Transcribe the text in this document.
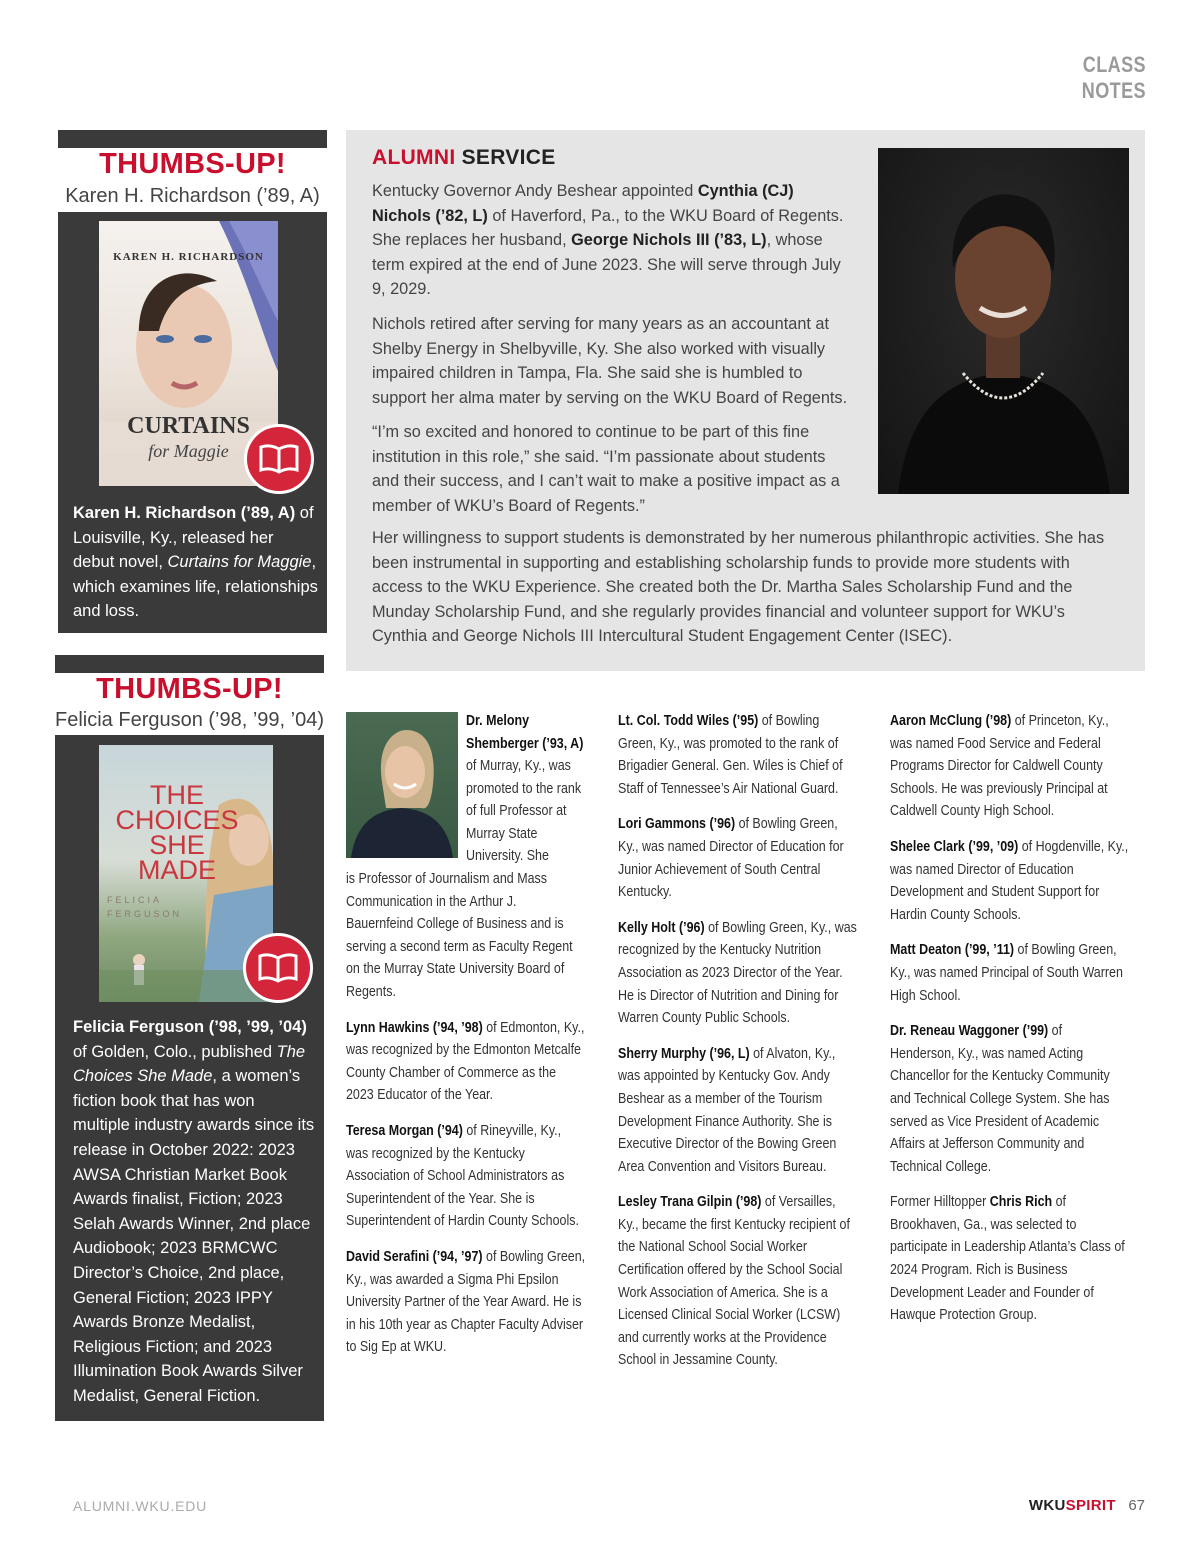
CLASS NOTES
THUMBS-UP!
Karen H. Richardson (’89, A)
KAREN H. RICHARDSON
CURTAINS
for Maggie

Karen H. Richardson (’89, A) of Louisville, Ky., released her debut novel, Curtains for Maggie, which examines life, relationships and loss.

THUMBS-UP!
Felicia Ferguson (’98, ’99, ’04)
THE
CHOICES
SHE
MADE
FELICIA FERGUSON

Felicia Ferguson (’98, ’99, ’04) of Golden, Colo., published The Choices She Made, a women’s fiction book that has won multiple industry awards since its release in October 2022: 2023 AWSA Christian Market Book Awards finalist, Fiction; 2023 Selah Awards Winner, 2nd place Audiobook; 2023 BRMCWC Director’s Choice, 2nd place, General Fiction; 2023 IPPY Awards Bronze Medalist, Religious Fiction; and 2023 Illumination Book Awards Silver Medalist, General Fiction.

ALUMNI SERVICE

Kentucky Governor Andy Beshear appointed Cynthia (CJ) Nichols (’82, L) of Haverford, Pa., to the WKU Board of Regents. She replaces her husband, George Nichols III (’83, L), whose term expired at the end of June 2023. She will serve through July 9, 2029.

Nichols retired after serving for many years as an accountant at Shelby Energy in Shelbyville, Ky. She also worked with visually impaired children in Tampa, Fla. She said she is humbled to support her alma mater by serving on the WKU Board of Regents.

“I’m so excited and honored to continue to be part of this fine institution in this role,” she said. “I’m passionate about students and their success, and I can’t wait to make a positive impact as a member of WKU’s Board of Regents.”

Her willingness to support students is demonstrated by her numerous philanthropic activities. She has been instrumental in supporting and establishing scholarship funds to provide more students with access to the WKU Experience. She created both the Dr. Martha Sales Scholarship Fund and the Munday Scholarship Fund, and she regularly provides financial and volunteer support for WKU’s Cynthia and George Nichols III Intercultural Student Engagement Center (ISEC).

Dr. Melony Shemberger (’93, A)

of Murray, Ky., was promoted to the rank of full Professor at Murray State University. She

is Professor of Journalism and Mass Communication in the Arthur J. Bauernfeind College of Business and is serving a second term as Faculty Regent on the Murray State University Board of Regents.

Lynn Hawkins (’94, ’98) of Edmonton, Ky., was recognized by the Edmonton Metcalfe County Chamber of Commerce as the 2023 Educator of the Year.

Teresa Morgan (’94) of Rineyville, Ky., was recognized by the Kentucky Association of School Administrators as Superintendent of the Year. She is Superintendent of Hardin County Schools.

David Serafini (’94, ’97) of Bowling Green, Ky., was awarded a Sigma Phi Epsilon University Partner of the Year Award. He is in his 10th year as Chapter Faculty Adviser to Sig Ep at WKU.

Lt. Col. Todd Wiles (’95) of Bowling Green, Ky., was promoted to the rank of Brigadier General. Gen. Wiles is Chief of Staff of Tennessee’s Air National Guard.

Lori Gammons (’96) of Bowling Green, Ky., was named Director of Education for Junior Achievement of South Central Kentucky.

Kelly Holt (’96) of Bowling Green, Ky., was recognized by the Kentucky Nutrition Association as 2023 Director of the Year. He is Director of Nutrition and Dining for Warren County Public Schools.

Sherry Murphy (’96, L) of Alvaton, Ky., was appointed by Kentucky Gov. Andy Beshear as a member of the Tourism Development Finance Authority. She is Executive Director of the Bowing Green Area Convention and Visitors Bureau.

Lesley Trana Gilpin (’98) of Versailles, Ky., became the first Kentucky recipient of the National School Social Worker Certification offered by the School Social Work Association of America. She is a Licensed Clinical Social Worker (LCSW) and currently works at the Providence School in Jessamine County.

Aaron McClung (’98) of Princeton, Ky., was named Food Service and Federal Programs Director for Caldwell County Schools. He was previously Principal at Caldwell County High School.

Shelee Clark (’99, ’09) of Hogdenville, Ky., was named Director of Education Development and Student Support for Hardin County Schools.

Matt Deaton (’99, ’11) of Bowling Green, Ky., was named Principal of South Warren High School.

Dr. Reneau Waggoner (’99) of Henderson, Ky., was named Acting Chancellor for the Kentucky Community and Technical College System. She has served as Vice President of Academic Affairs at Jefferson Community and Technical College.

Former Hilltopper Chris Rich of Brookhaven, Ga., was selected to participate in Leadership Atlanta’s Class of 2024 Program. Rich is Business Development Leader and Founder of Hawque Protection Group.

ALUMNI.WKU.EDU	WKUSPIRIT 67
